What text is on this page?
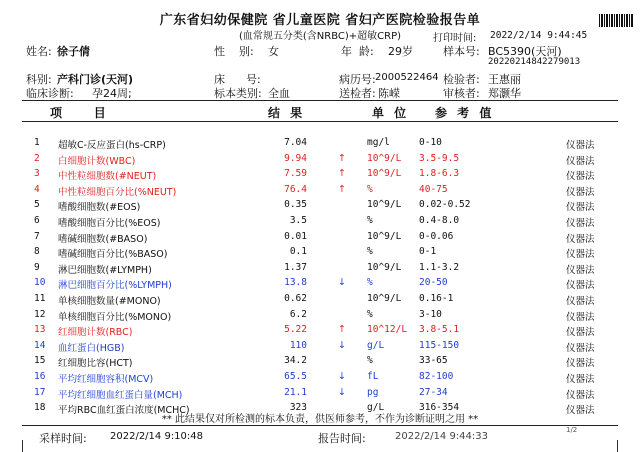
广东省妇幼保健院 省儿童医院 省妇产医院检验报告单
(血常规五分类(含NRBC)+超敏CRP)	打印时间: 2022/2/14 9:44:45
姓名: 徐子倩	性    别: 女	年  龄: 29岁	样本号: BC5390(天河)
20220214842279013
科别: 产科门诊(天河)	床      号:	病历号: 2000522464 检验者: 王惠丽
临床诊断: 孕24周;	标本类别: 全血	送检者: 陈嵘	审核者: 郑灏华
项    目	结 果	单 位 参 考 值
1 超敏C-反应蛋白(hs-CRP)	7.04	mg/l	0-10	仪器法
2 白细胞计数(WBC)	9.94	↑ 10^9/L 3.5-9.5	仪器法
3 中性粒细胞数(#NEUT)	7.59	↑ 10^9/L 1.8-6.3	仪器法
4 中性粒细胞百分比(%NEUT)	76.4	↑ %	40-75	仪器法
5 嗜酸细胞数(#EOS)	0.35	10^9/L 0.02-0.52	仪器法
6 嗜酸细胞百分比(%EOS)	3.5	%	0.4-8.0	仪器法
7 嗜碱细胞数(#BASO)	0.01	10^9/L 0-0.06	仪器法
8 嗜碱细胞百分比(%BASO)	0.1	%	0-1	仪器法
9 淋巴细胞数(#LYMPH)	1.37	10^9/L 1.1-3.2	仪器法
10 淋巴细胞百分比(%LYMPH)	13.8	↓ %	20-50	仪器法
11 单核细胞数量(#MONO)	0.62	10^9/L 0.16-1	仪器法
12 单核细胞百分比(%MONO)	6.2	%	3-10	仪器法
13 红细胞计数(RBC)	5.22	↑ 10^12/L 3.8-5.1	仪器法
14 血红蛋白(HGB)	110	↓ g/L	115-150	仪器法
15 红细胞比容(HCT)	34.2	%	33-65	仪器法
16 平均红细胞容积(MCV)	65.5	↓ fL	82-100	仪器法
17 平均红细胞血红蛋白量(MCH)	21.1	↓ pg	27-34	仪器法
18 平均RBC血红蛋白浓度(MCHC)	323	g/L	316-354	仪器法
** 此结果仅对所检测的标本负责，供医师参考，不作为诊断证明之用 **
采样时间: 2022/2/14 9:10:48	报告时间:	2022/2/14 9:44:33
1/2
